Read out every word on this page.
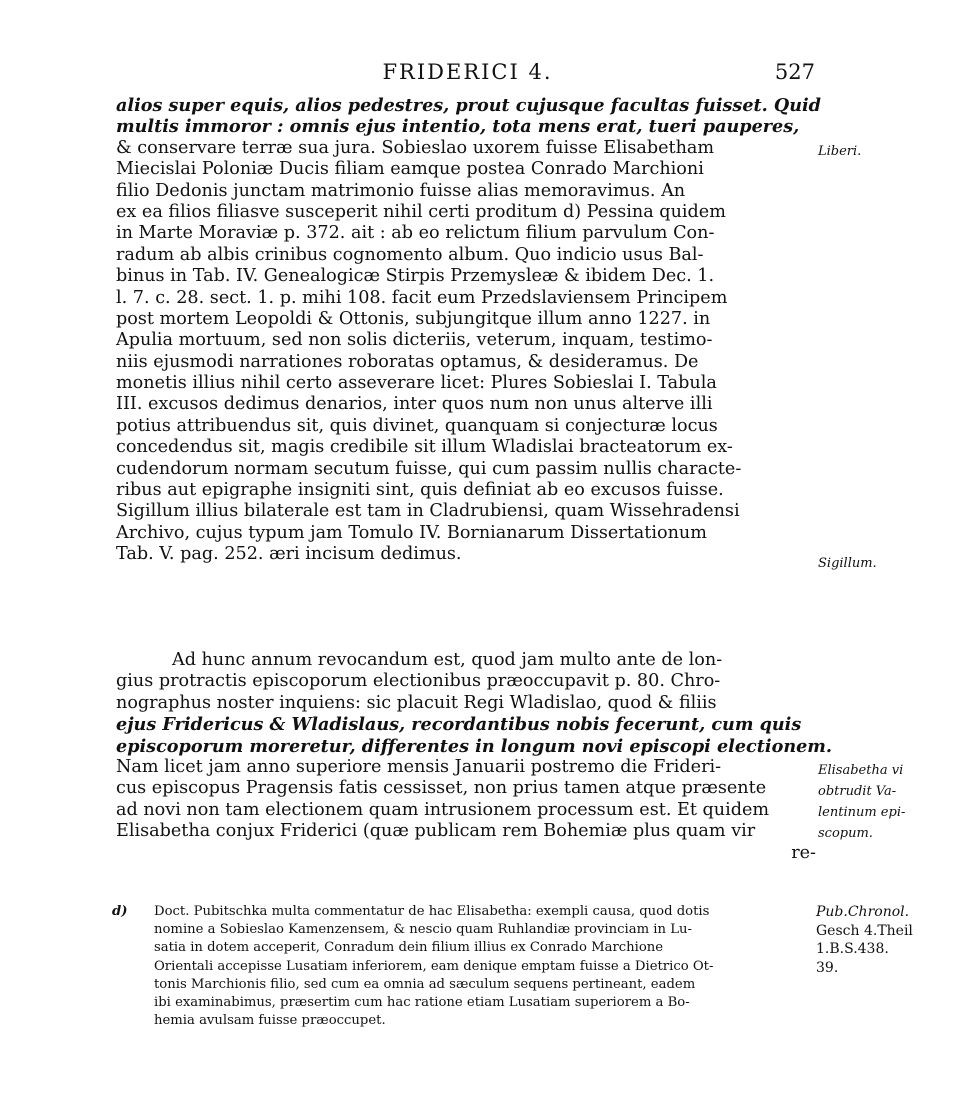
FRIDERICI 4.	527
alios super equis, alios pedestres, prout cujusque facultas fuisset. Quid
multis immoror : omnis ejus intentio, tota mens erat, tueri pauperes,
& conservare terræ sua jura. Sobieslao uxorem fuisse Elisabetham
Miecislai Poloniæ Ducis filiam eamque postea Conrado Marchioni
filio Dedonis junctam matrimonio fuisse alias memoravimus. An
ex ea filios filiasve susceperit nihil certi proditum d) Pessina quidem
in Marte Moraviæ p. 372. ait : ab eo relictum filium parvulum Con-
radum ab albis crinibus cognomento album. Quo indicio usus Bal-
binus in Tab. IV. Genealogicæ Stirpis Przemysleæ & ibidem Dec. 1.
l. 7. c. 28. sect. 1. p. mihi 108. facit eum Przedslaviensem Principem
post mortem Leopoldi & Ottonis, subjungitque illum anno 1227. in
Apulia mortuum, sed non solis dicteriis, veterum, inquam, testimo-
niis ejusmodi narrationes roboratas optamus, & desideramus. De
monetis illius nihil certo asseverare licet: Plures Sobieslai I. Tabula
III. excusos dedimus denarios, inter quos num non unus alterve illi
potius attribuendus sit, quis divinet, quanquam si conjecturæ locus
concedendus sit, magis credibile sit illum Wladislai bracteatorum ex-
cudendorum normam secutum fuisse, qui cum passim nullis characte-
ribus aut epigraphe insigniti sint, quis definiat ab eo excusos fuisse.
Sigillum illius bilaterale est tam in Cladrubiensi, quam Wissehradensi
Archivo, cujus typum jam Tomulo IV. Bornianarum Dissertationum
Tab. V. pag. 252. æri incisum dedimus.
Ad hunc annum revocandum est, quod jam multo ante de lon-
gius protractis episcoporum electionibus præoccupavit p. 80. Chro-
nographus noster inquiens: sic placuit Regi Wladislao, quod & filiis
ejus Fridericus & Wladislaus, recordantibus nobis fecerunt, cum quis
episcoporum moreretur, differentes in longum novi episcopi electionem.
Nam licet jam anno superiore mensis Januarii postremo die Frideri-
cus episcopus Pragensis fatis cessisset, non prius tamen atque præsente
ad novi non tam electionem quam intrusionem processum est. Et quidem
Elisabetha conjux Friderici (quæ publicam rem Bohemiæ plus quam vir
re-
Liberi.
Sigillum.
Elisabetha vi
obtrudit Va-
lentinum epi-
scopum.
d) Doct. Pubitschka multa commentatur de hac Elisabetha: exempli causa, quod dotis
nomine a Sobieslao Kamenzensem, & nescio quam Ruhlandiæ provinciam in Lu-
satia in dotem acceperit, Conradum dein filium illius ex Conrado Marchione
Orientali accepisse Lusatiam inferiorem, eam denique emptam fuisse a Dietrico Ot-
tonis Marchionis filio, sed cum ea omnia ad sæculum sequens pertineant, eadem
ibi examinabimus, præsertim cum hac ratione etiam Lusatiam superiorem a Bo-
hemia avulsam fuisse præoccupet.
Pub.Chronol.
Gesch 4.Theil
1.B.S.438.
39.
